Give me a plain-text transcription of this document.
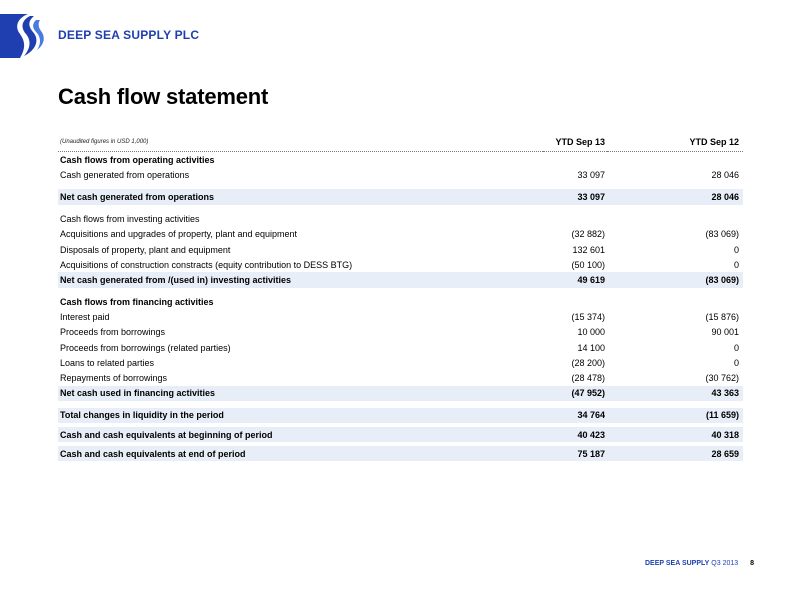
DEEP SEA SUPPLY PLC
Cash flow statement
(Unaudited figures in USD 1,000)	YTD Sep 13	YTD Sep 12
Cash flows from operating activities		
Cash generated from operations	33 097	28 046

Net cash generated from operations	33 097	28 046

Cash flows from investing activities		
Acquisitions and upgrades of property, plant and equipment	(32 882)	(83 069)
Disposals of property, plant and equipment	132 601	0
Acquisitions of construction constracts (equity contribution to DESS BTG)	(50 100)	0
Net cash generated from /(used in) investing activities	49 619	(83 069)

Cash flows from financing activities		
Interest paid	(15 374)	(15 876)
Proceeds from borrowings	10 000	90 001
Proceeds from borrowings (related parties)	14 100	0
Loans to related parties	(28 200)	0
Repayments of borrowings	(28 478)	(30 762)
Net cash used in financing activities	(47 952)	43 363

Total changes in liquidity in the period	34 764	(11 659)

Cash and cash equivalents at beginning of period	40 423	40 318

Cash and cash equivalents at end of period	75 187	28 659
DEEP SEA SUPPLY Q3 2013 8
